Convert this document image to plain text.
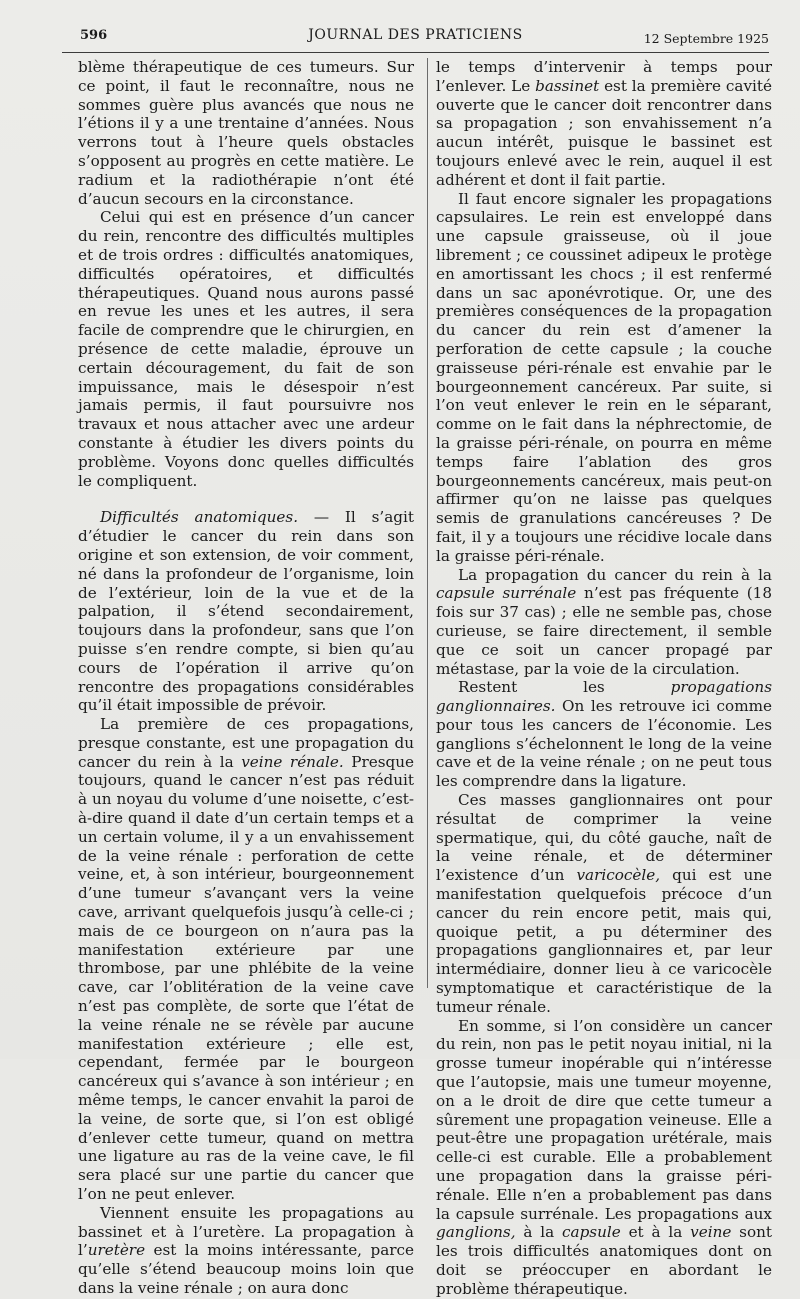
596	JOURNAL DES PRATICIENS	12 Septembre 1925

blème thérapeutique de ces tumeurs. Sur ce point, il faut le reconnaître, nous ne sommes guère plus avancés que nous ne l’étions il y a une trentaine d’années. Nous verrons tout à l’heure quels obstacles s’opposent au progrès en cette matière. Le radium et la radiothérapie n’ont été d’aucun secours en la circonstance.

Celui qui est en présence d’un cancer du rein, rencontre des difficultés multiples et de trois ordres : difficultés anatomiques, difficultés opératoires, et difficultés thérapeutiques. Quand nous aurons passé en revue les unes et les autres, il sera facile de comprendre que le chirurgien, en présence de cette maladie, éprouve un certain découragement, du fait de son impuissance, mais le désespoir n’est jamais permis, il faut poursuivre nos travaux et nous attacher avec une ardeur constante à étudier les divers points du problème. Voyons donc quelles difficultés le compliquent.

Difficultés anatomiques. — Il s’agit d’étudier le cancer du rein dans son origine et son extension, de voir comment, né dans la profondeur de l’organisme, loin de l’extérieur, loin de la vue et de la palpation, il s’étend secondairement, toujours dans la profondeur, sans que l’on puisse s’en rendre compte, si bien qu’au cours de l’opération il arrive qu’on rencontre des propagations considérables qu’il était impossible de prévoir.

La première de ces propagations, presque constante, est une propagation du cancer du rein à la veine rénale. Presque toujours, quand le cancer n’est pas réduit à un noyau du volume d’une noisette, c’est-à-dire quand il date d’un certain temps et a un certain volume, il y a un envahissement de la veine rénale : perforation de cette veine, et, à son intérieur, bourgeonnement d’une tumeur s’avançant vers la veine cave, arrivant quelquefois jusqu’à celle-ci ; mais de ce bourgeon on n’aura pas la manifestation extérieure par une thrombose, par une phlébite de la veine cave, car l’oblitération de la veine cave n’est pas complète, de sorte que l’état de la veine rénale ne se révèle par aucune manifestation extérieure ; elle est, cependant, fermée par le bourgeon cancéreux qui s’avance à son intérieur ; en même temps, le cancer envahit la paroi de la veine, de sorte que, si l’on est obligé d’enlever cette tumeur, quand on mettra une ligature au ras de la veine cave, le fil sera placé sur une partie du cancer que l’on ne peut enlever.

Viennent ensuite les propagations au bassinet et à l’uretère. La propagation à l’uretère est la moins intéressante, parce qu’elle s’étend beaucoup moins loin que dans la veine rénale ; on aura donc

le temps d’intervenir à temps pour l’enlever. Le bassinet est la première cavité ouverte que le cancer doit rencontrer dans sa propagation ; son envahissement n’a aucun intérêt, puisque le bassinet est toujours enlevé avec le rein, auquel il est adhérent et dont il fait partie.

Il faut encore signaler les propagations capsulaires. Le rein est enveloppé dans une capsule graisseuse, où il joue librement ; ce coussinet adipeux le protège en amortissant les chocs ; il est renfermé dans un sac aponévrotique. Or, une des premières conséquences de la propagation du cancer du rein est d’amener la perforation de cette capsule ; la couche graisseuse péri-rénale est envahie par le bourgeonnement cancéreux. Par suite, si l’on veut enlever le rein en le séparant, comme on le fait dans la néphrectomie, de la graisse péri-rénale, on pourra en même temps faire l’ablation des gros bourgeonnements cancéreux, mais peut-on affirmer qu’on ne laisse pas quelques semis de granulations cancéreuses ? De fait, il y a toujours une récidive locale dans la graisse péri-rénale.

La propagation du cancer du rein à la capsule surrénale n’est pas fréquente (18 fois sur 37 cas) ; elle ne semble pas, chose curieuse, se faire directement, il semble que ce soit un cancer propagé par métastase, par la voie de la circulation.

Restent les propagations ganglionnaires. On les retrouve ici comme pour tous les cancers de l’économie. Les ganglions s’échelonnent le long de la veine cave et de la veine rénale ; on ne peut tous les comprendre dans la ligature.

Ces masses ganglionnaires ont pour résultat de comprimer la veine spermatique, qui, du côté gauche, naît de la veine rénale, et de déterminer l’existence d’un varicocèle, qui est une manifestation quelquefois précoce d’un cancer du rein encore petit, mais qui, quoique petit, a pu déterminer des propagations ganglionnaires et, par leur intermédiaire, donner lieu à ce varicocèle symptomatique et caractéristique de la tumeur rénale.

En somme, si l’on considère un cancer du rein, non pas le petit noyau initial, ni la grosse tumeur inopérable qui n’intéresse que l’autopsie, mais une tumeur moyenne, on a le droit de dire que cette tumeur a sûrement une propagation veineuse. Elle a peut-être une propagation urétérale, mais celle-ci est curable. Elle a probablement une propagation dans la graisse péri-rénale. Elle n’en a probablement pas dans la capsule surrénale. Les propagations aux ganglions, à la capsule et à la veine sont les trois difficultés anatomiques dont on doit se préoccuper en abordant le problème thérapeutique.
